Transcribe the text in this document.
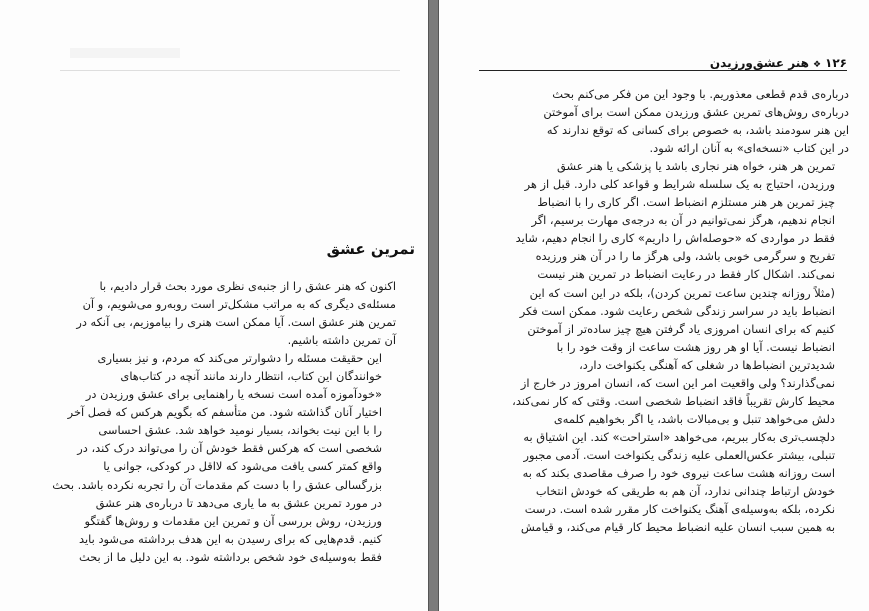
تمرین عشق

اکنون که هنر عشق را از جنبه‌ی نظری مورد بحث قرار دادیم، با
مسئله‌ی دیگری که به مراتب مشکل‌تر است روبه‌رو می‌شویم، و آن
تمرین هنر عشق است. آیا ممکن است هنری را بیاموزیم، بی آنکه در
آن تمرین داشته باشیم.

این حقیقت مسئله را دشوارتر می‌کند که مردم، و نیز بسیاری
خوانندگان این کتاب، انتظار دارند مانند آنچه در کتاب‌های
«خودآموزه آمده است نسخه یا راهنمایی برای عشق ورزیدن در
اختیار آنان گذاشته شود. من متأسفم که بگویم هرکس که فصل آخر
را با این نیت بخواند، بسیار نومید خواهد شد. عشق احساسی
شخصی است که هرکس فقط خودش آن را می‌تواند درک کند، در
واقع کمتر کسی یافت می‌شود که لااقل در کودکی، جوانی یا
بزرگسالی عشق را با دست کم مقدمات آن را تجربه نکرده باشد. بحث
در مورد تمرین عشق به ما یاری می‌دهد تا درباره‌ی هنر عشق
ورزیدن، روش بررسی آن و تمرین این مقدمات و روش‌ها گفتگو
کنیم. قدم‌هایی که برای رسیدن به این هدف برداشته می‌شود باید
فقط به‌وسیله‌ی خود شخص برداشته شود. به این دلیل ما از بحث

۱۲۶
❖
هنر عشق‌ورزیدن

درباره‌ی قدم قطعی معذوریم. با وجود این من فکر می‌کنم بحث
درباره‌ی روش‌های تمرین عشق ورزیدن ممکن است برای آموختن
این هنر سودمند باشد، به خصوص برای کسانی که توقع ندارند که
در این کتاب «نسخه‌ای» به آنان ارائه شود.

تمرین هر هنر، خواه هنر نجاری باشد یا پزشکی یا هنر عشق
ورزیدن، احتیاج به یک سلسله شرایط و قواعد کلی دارد. قبل از هر
چیز تمرین هر هنر مستلزم انضباط است. اگر کاری را با انضباط
انجام ندهیم، هرگز نمی‌توانیم در آن به درجه‌ی مهارت برسیم، اگر
فقط در مواردی که «حوصله‌اش را داریم» کاری را انجام دهیم، شاید
تفریح و سرگرمی خوبی باشد، ولی هرگز ما را در آن هنر ورزیده
نمی‌کند. اشکال کار فقط در رعایت انضباط در تمرین هنر نیست
(مثلاً روزانه چندین ساعت تمرین کردن)، بلکه در این است که این
انضباط باید در سراسر زندگی شخص رعایت شود. ممکن است فکر
کنیم که برای انسان امروزی یاد گرفتن هیچ چیز ساده‌تر از آموختن
انضباط نیست. آیا او هر روز هشت ساعت از وقت خود را با
شدیدترین انضباط‌ها در شغلی که آهنگی یکنواخت دارد،
نمی‌گذارند؟ ولی واقعیت امر این است که، انسان امروز در خارج از
محیط کارش تقریباً فاقد انضباط شخصی است. وقتی که کار نمی‌کند،
دلش می‌خواهد تنبل و بی‌مبالات باشد، یا اگر بخواهیم کلمه‌ی
دلچسب‌تری به‌کار ببریم، می‌خواهد «استراحت» کند. این اشتیاق به
تنبلی، بیشتر عکس‌العملی علیه زندگی یکنواخت است. آدمی مجبور
است روزانه هشت ساعت نیروی خود را صرف مقاصدی بکند که به
خودش ارتباط چندانی ندارد، آن هم به طریقی که خودش انتخاب
نکرده، بلکه به‌وسیله‌ی آهنگ یکنواخت کار مقرر شده است. درست
به همین سبب انسان علیه انضباط محیط کار قیام می‌کند، و قیامش
